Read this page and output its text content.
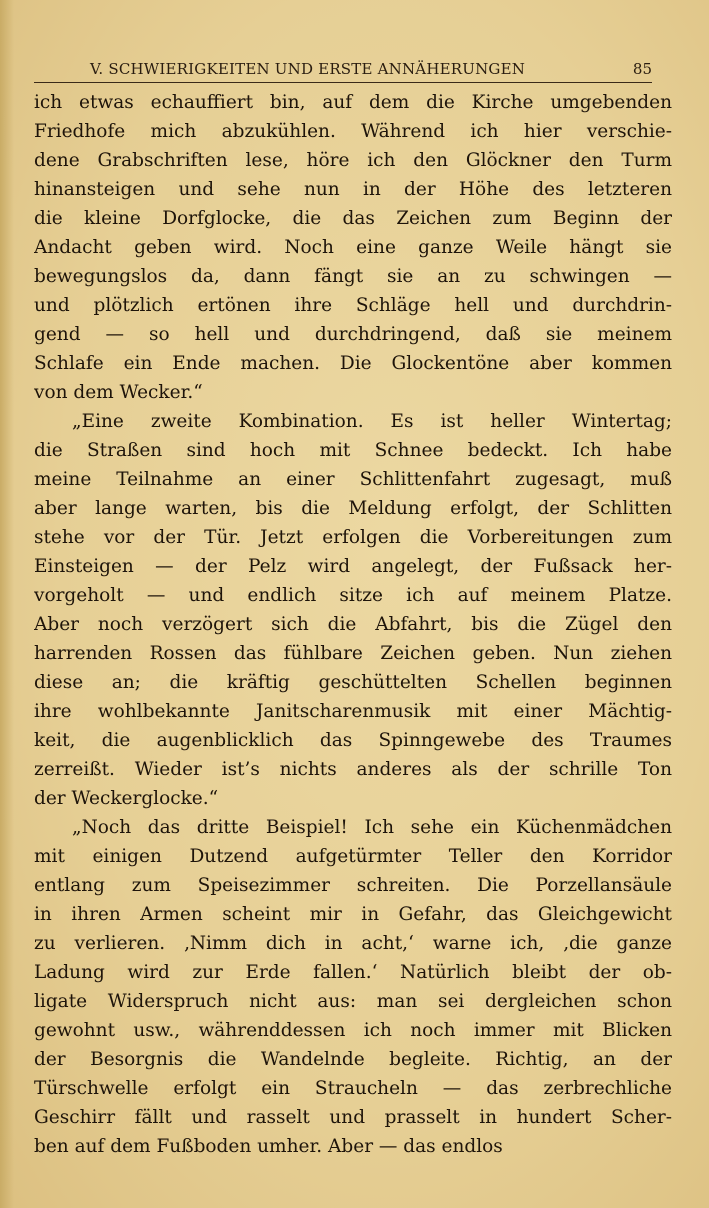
V. SCHWIERIGKEITEN UND ERSTE ANNÄHERUNGEN	85
ich etwas echauffiert bin, auf dem die Kirche umgebenden
Friedhofe mich abzukühlen. Während ich hier verschie-
dene Grabschriften lese, höre ich den Glöckner den Turm
hinansteigen und sehe nun in der Höhe des letzteren
die kleine Dorfglocke, die das Zeichen zum Beginn der
Andacht geben wird. Noch eine ganze Weile hängt sie
bewegungslos da, dann fängt sie an zu schwingen —
und plötzlich ertönen ihre Schläge hell und durchdrin-
gend — so hell und durchdringend, daß sie meinem
Schlafe ein Ende machen. Die Glockentöne aber kommen
von dem Wecker.“
„Eine zweite Kombination. Es ist heller Wintertag;
die Straßen sind hoch mit Schnee bedeckt. Ich habe
meine Teilnahme an einer Schlittenfahrt zugesagt, muß
aber lange warten, bis die Meldung erfolgt, der Schlitten
stehe vor der Tür. Jetzt erfolgen die Vorbereitungen zum
Einsteigen — der Pelz wird angelegt, der Fußsack her-
vorgeholt — und endlich sitze ich auf meinem Platze.
Aber noch verzögert sich die Abfahrt, bis die Zügel den
harrenden Rossen das fühlbare Zeichen geben. Nun ziehen
diese an; die kräftig geschüttelten Schellen beginnen
ihre wohlbekannte Janitscharenmusik mit einer Mächtig-
keit, die augenblicklich das Spinngewebe des Traumes
zerreißt. Wieder ist’s nichts anderes als der schrille Ton
der Weckerglocke.“
„Noch das dritte Beispiel! Ich sehe ein Küchenmädchen
mit einigen Dutzend aufgetürmter Teller den Korridor
entlang zum Speisezimmer schreiten. Die Porzellansäule
in ihren Armen scheint mir in Gefahr, das Gleichgewicht
zu verlieren. ‚Nimm dich in acht,‘ warne ich, ‚die ganze
Ladung wird zur Erde fallen.‘ Natürlich bleibt der ob-
ligate Widerspruch nicht aus: man sei dergleichen schon
gewohnt usw., währenddessen ich noch immer mit Blicken
der Besorgnis die Wandelnde begleite. Richtig, an der
Türschwelle erfolgt ein Straucheln — das zerbrechliche
Geschirr fällt und rasselt und prasselt in hundert Scher-
ben auf dem Fußboden umher. Aber — das endlos
